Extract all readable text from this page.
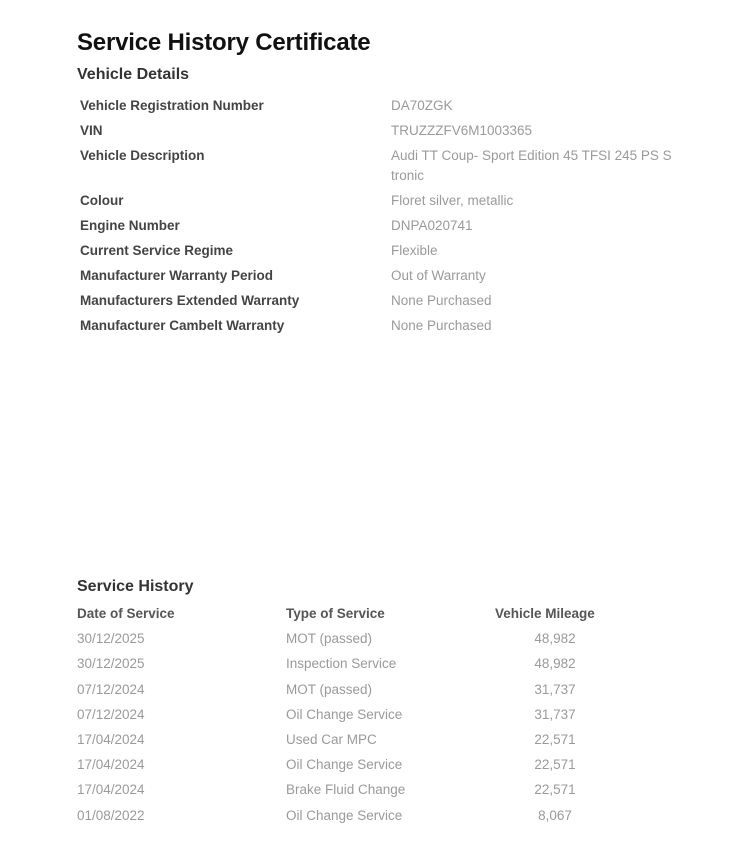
Service History Certificate
Vehicle Details
Vehicle Registration Number	DA70ZGK
VIN	TRUZZZFV6M1003365
Vehicle Description	Audi TT Coup- Sport Edition 45 TFSI 245 PS S tronic
Colour	Floret silver, metallic
Engine Number	DNPA020741
Current Service Regime	Flexible
Manufacturer Warranty Period	Out of Warranty
Manufacturers Extended Warranty	None Purchased
Manufacturer Cambelt Warranty	None Purchased
Service History
Date of Service	Type of Service	Vehicle Mileage
30/12/2025	MOT (passed)	48,982
30/12/2025	Inspection Service	48,982
07/12/2024	MOT (passed)	31,737
07/12/2024	Oil Change Service	31,737
17/04/2024	Used Car MPC	22,571
17/04/2024	Oil Change Service	22,571
17/04/2024	Brake Fluid Change	22,571
01/08/2022	Oil Change Service	8,067
